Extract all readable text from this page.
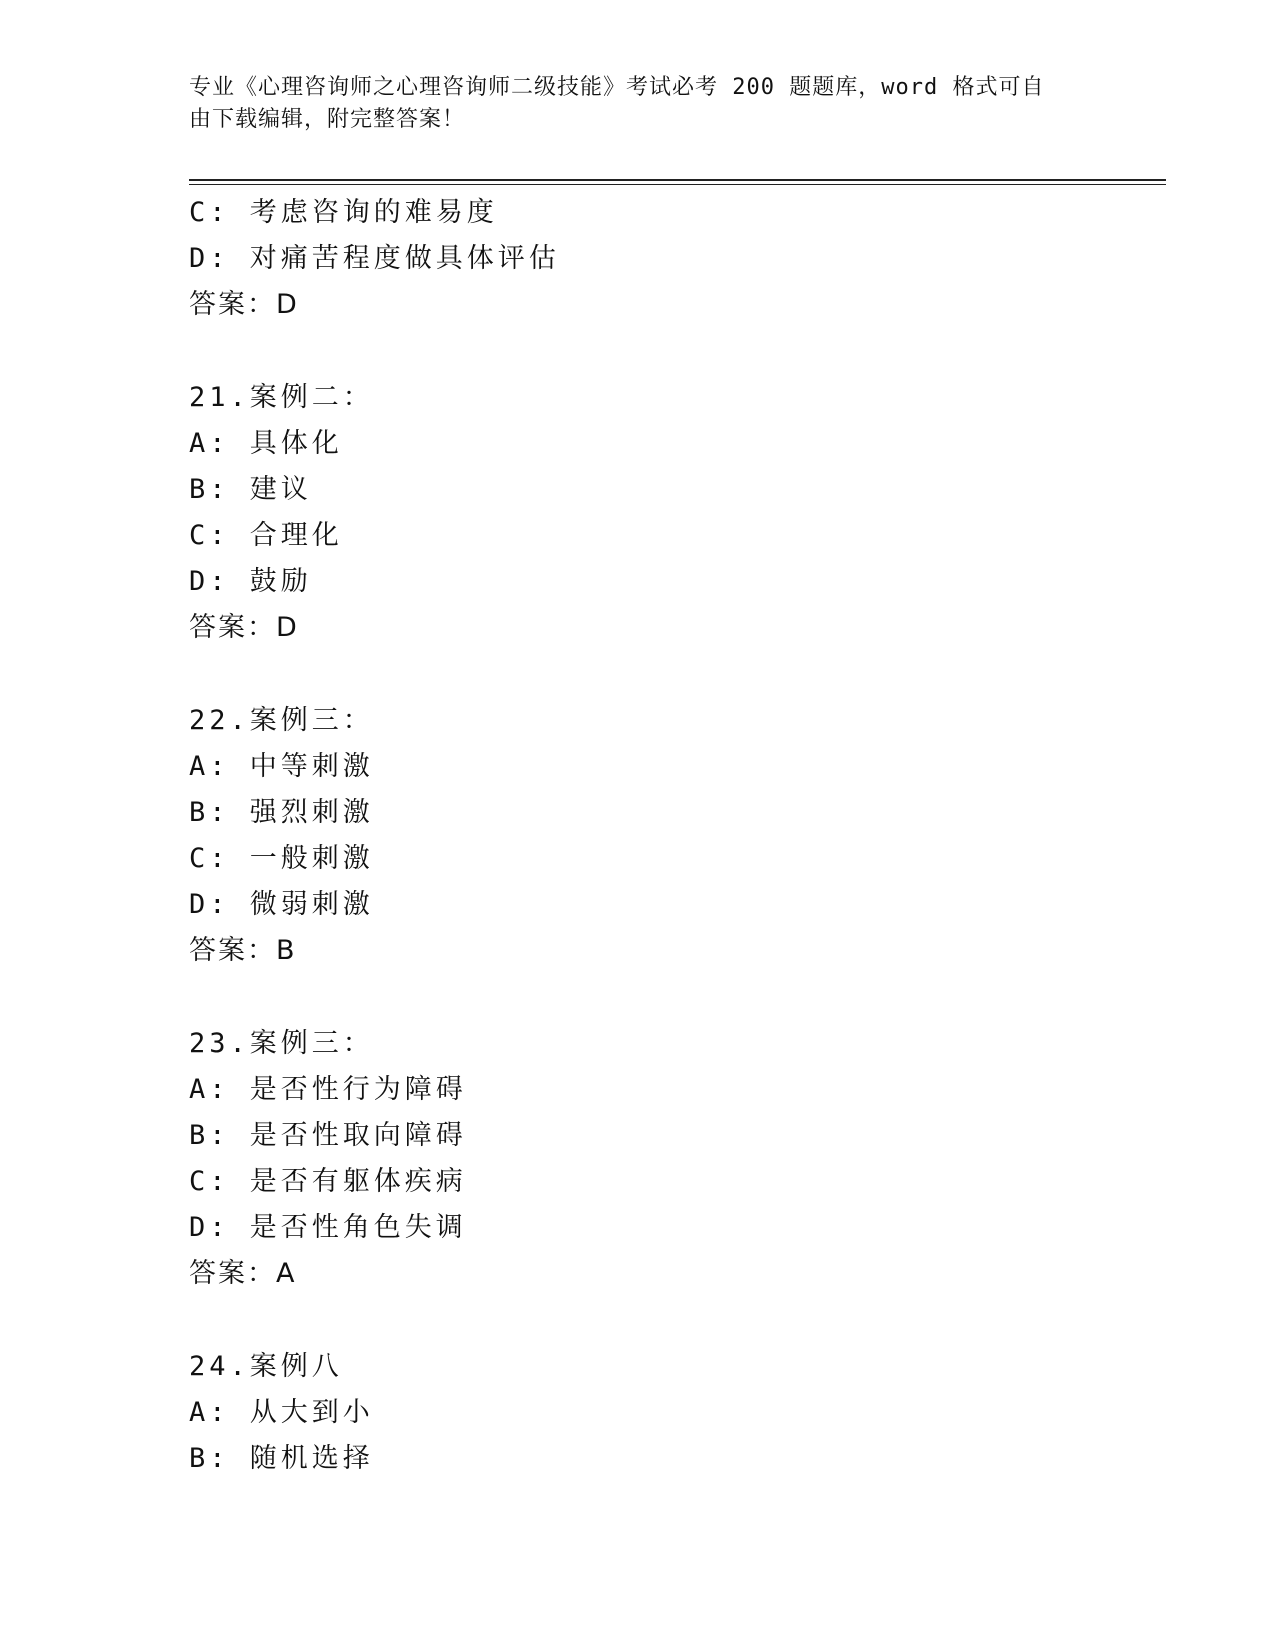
专业《心理咨询师之心理咨询师二级技能》考试必考 200 题题库，word 格式可自
由下载编辑，附完整答案！
C: 考虑咨询的难易度
D: 对痛苦程度做具体评估
答案：D
21.案例二：
A: 具体化
B: 建议
C: 合理化
D: 鼓励
答案：D
22.案例三：
A: 中等刺激
B: 强烈刺激
C: 一般刺激
D: 微弱刺激
答案：B
23.案例三：
A: 是否性行为障碍
B: 是否性取向障碍
C: 是否有躯体疾病
D: 是否性角色失调
答案：A
24.案例八
A: 从大到小
B: 随机选择
